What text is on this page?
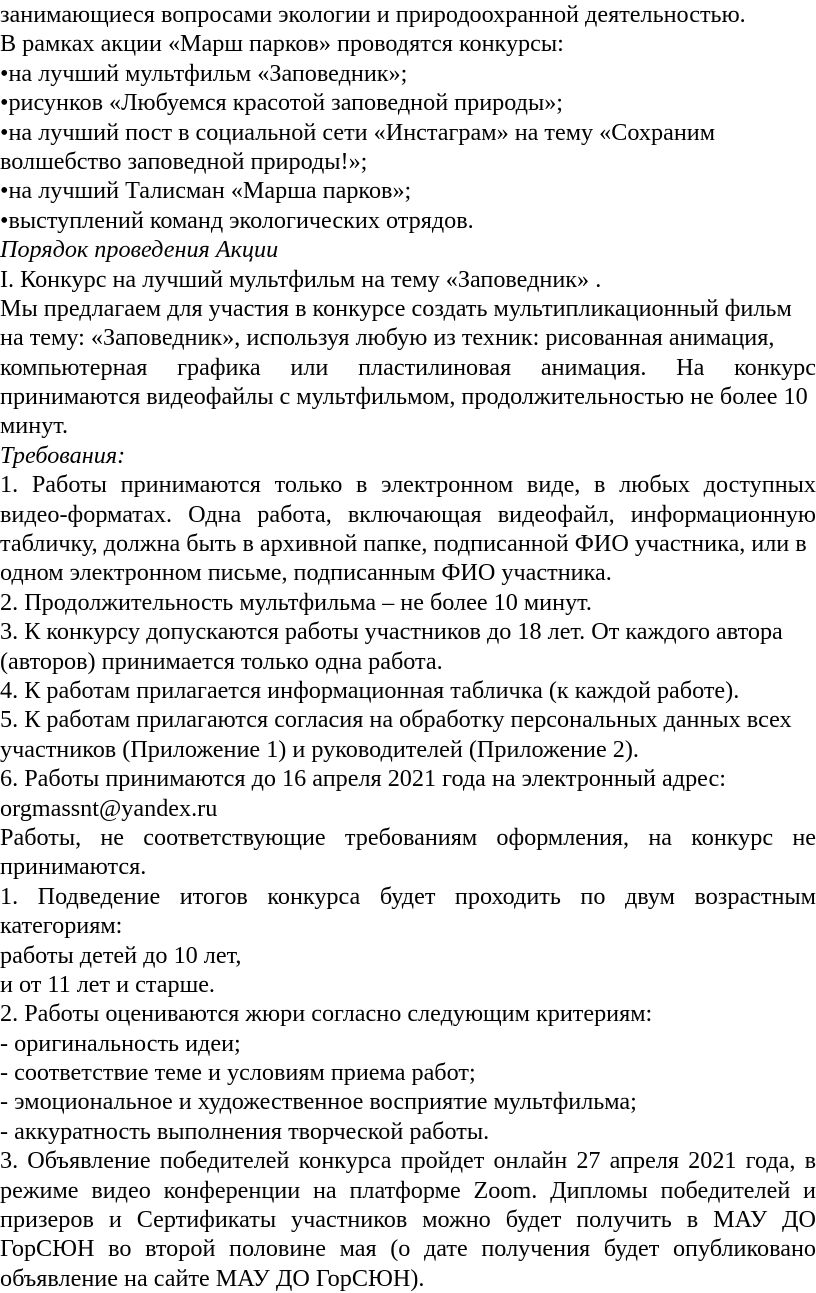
занимающиеся вопросами экологии и природоохранной деятельностью.
В рамках акции «Марш парков» проводятся конкурсы:
•на лучший мультфильм «Заповедник»;
•рисунков «Любуемся красотой заповедной природы»;
•на лучший пост в социальной сети «Инстаграм» на тему «Сохраним
волшебство заповедной природы!»;
•на лучший Талисман «Марша парков»;
•выступлений команд экологических отрядов.
Порядок проведения Акции
I. Конкурс на лучший мультфильм на тему «Заповедник» .
Мы предлагаем для участия в конкурсе создать мультипликационный фильм
на тему: «Заповедник», используя любую из техник: рисованная анимация,
компьютерная графика или пластилиновая анимация. На конкурс
принимаются видеофайлы с мультфильмом, продолжительностью не более 10
минут.
Требования:
1. Работы принимаются только в электронном виде, в любых доступных
видео-форматах. Одна работа, включающая видеофайл, информационную
табличку, должна быть в архивной папке, подписанной ФИО участника, или в
одном электронном письме, подписанным ФИО участника.
2. Продолжительность мультфильма – не более 10 минут.
3. К конкурсу допускаются работы участников до 18 лет. От каждого автора
(авторов) принимается только одна работа.
4. К работам прилагается информационная табличка (к каждой работе).
5. К работам прилагаются согласия на обработку персональных данных всех
участников (Приложение 1) и руководителей (Приложение 2).
6. Работы принимаются до 16 апреля 2021 года на электронный адрес:
orgmassnt@yandex.ru
Работы, не соответствующие требованиям оформления, на конкурс не
принимаются.
1. Подведение итогов конкурса будет проходить по двум возрастным
категориям:
работы детей до 10 лет,
и от 11 лет и старше.
2. Работы оцениваются жюри согласно следующим критериям:
- оригинальность идеи;
- соответствие теме и условиям приема работ;
- эмоциональное и художественное восприятие мультфильма;
- аккуратность выполнения творческой работы.
3. Объявление победителей конкурса пройдет онлайн 27 апреля 2021 года, в
режиме видео конференции на платформе Zoom. Дипломы победителей и
призеров и Сертификаты участников можно будет получить в МАУ ДО
ГорСЮН во второй половине мая (о дате получения будет опубликовано
объявление на сайте МАУ ДО ГорСЮН).
